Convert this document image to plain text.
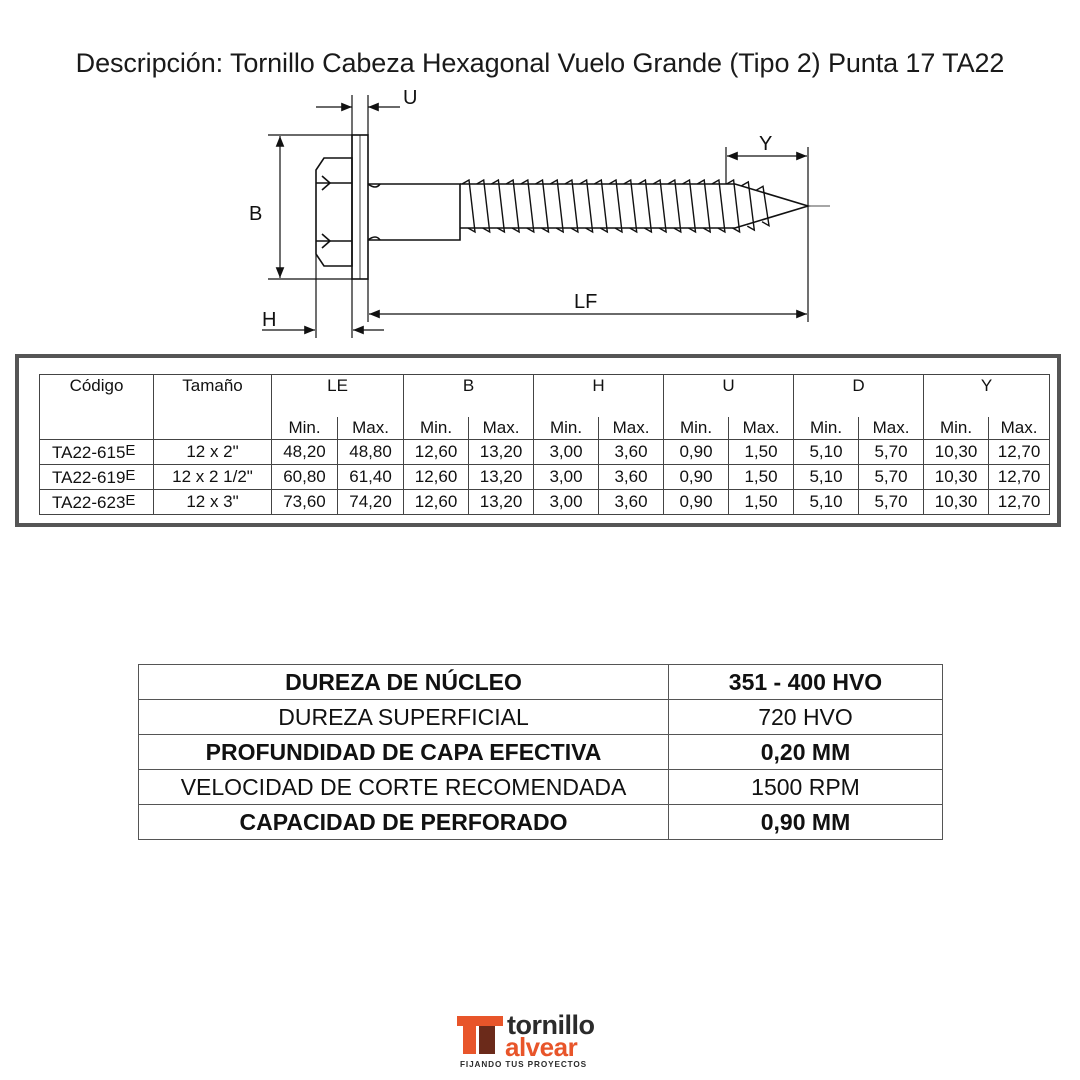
Descripción: Tornillo Cabeza Hexagonal Vuelo Grande (Tipo 2) Punta 17 TA22
U
Y
B
H
LF
Código	Tamaño	LE		B		H		U		D		Y	

		Min.	Max.	Min.	Max.	Min.	Max.	Min.	Max.	Min.	Max.	Min.	Max.
$TA22-615^E$	12 x 2"	48,20	48,80	12,60	13,20	3,00	3,60	0,90	1,50	5,10	5,70	10,30	12,70
$TA22-619^E$	12 x 2 1/2"	60,80	61,40	12,60	13,20	3,00	3,60	0,90	1,50	5,10	5,70	10,30	12,70
$TA22-623^E$	12 x 3"	73,60	74,20	12,60	13,20	3,00	3,60	0,90	1,50	5,10	5,70	10,30	12,70
DUREZA DE NÚCLEO	351 - 400 HVO
DUREZA SUPERFICIAL	720 HVO
PROFUNDIDAD DE CAPA EFECTIVA	0,20 MM
VELOCIDAD DE CORTE RECOMENDADA	1500 RPM
CAPACIDAD DE PERFORADO	0,90 MM
tornillo
alvear
FIJANDO TUS PROYECTOS
